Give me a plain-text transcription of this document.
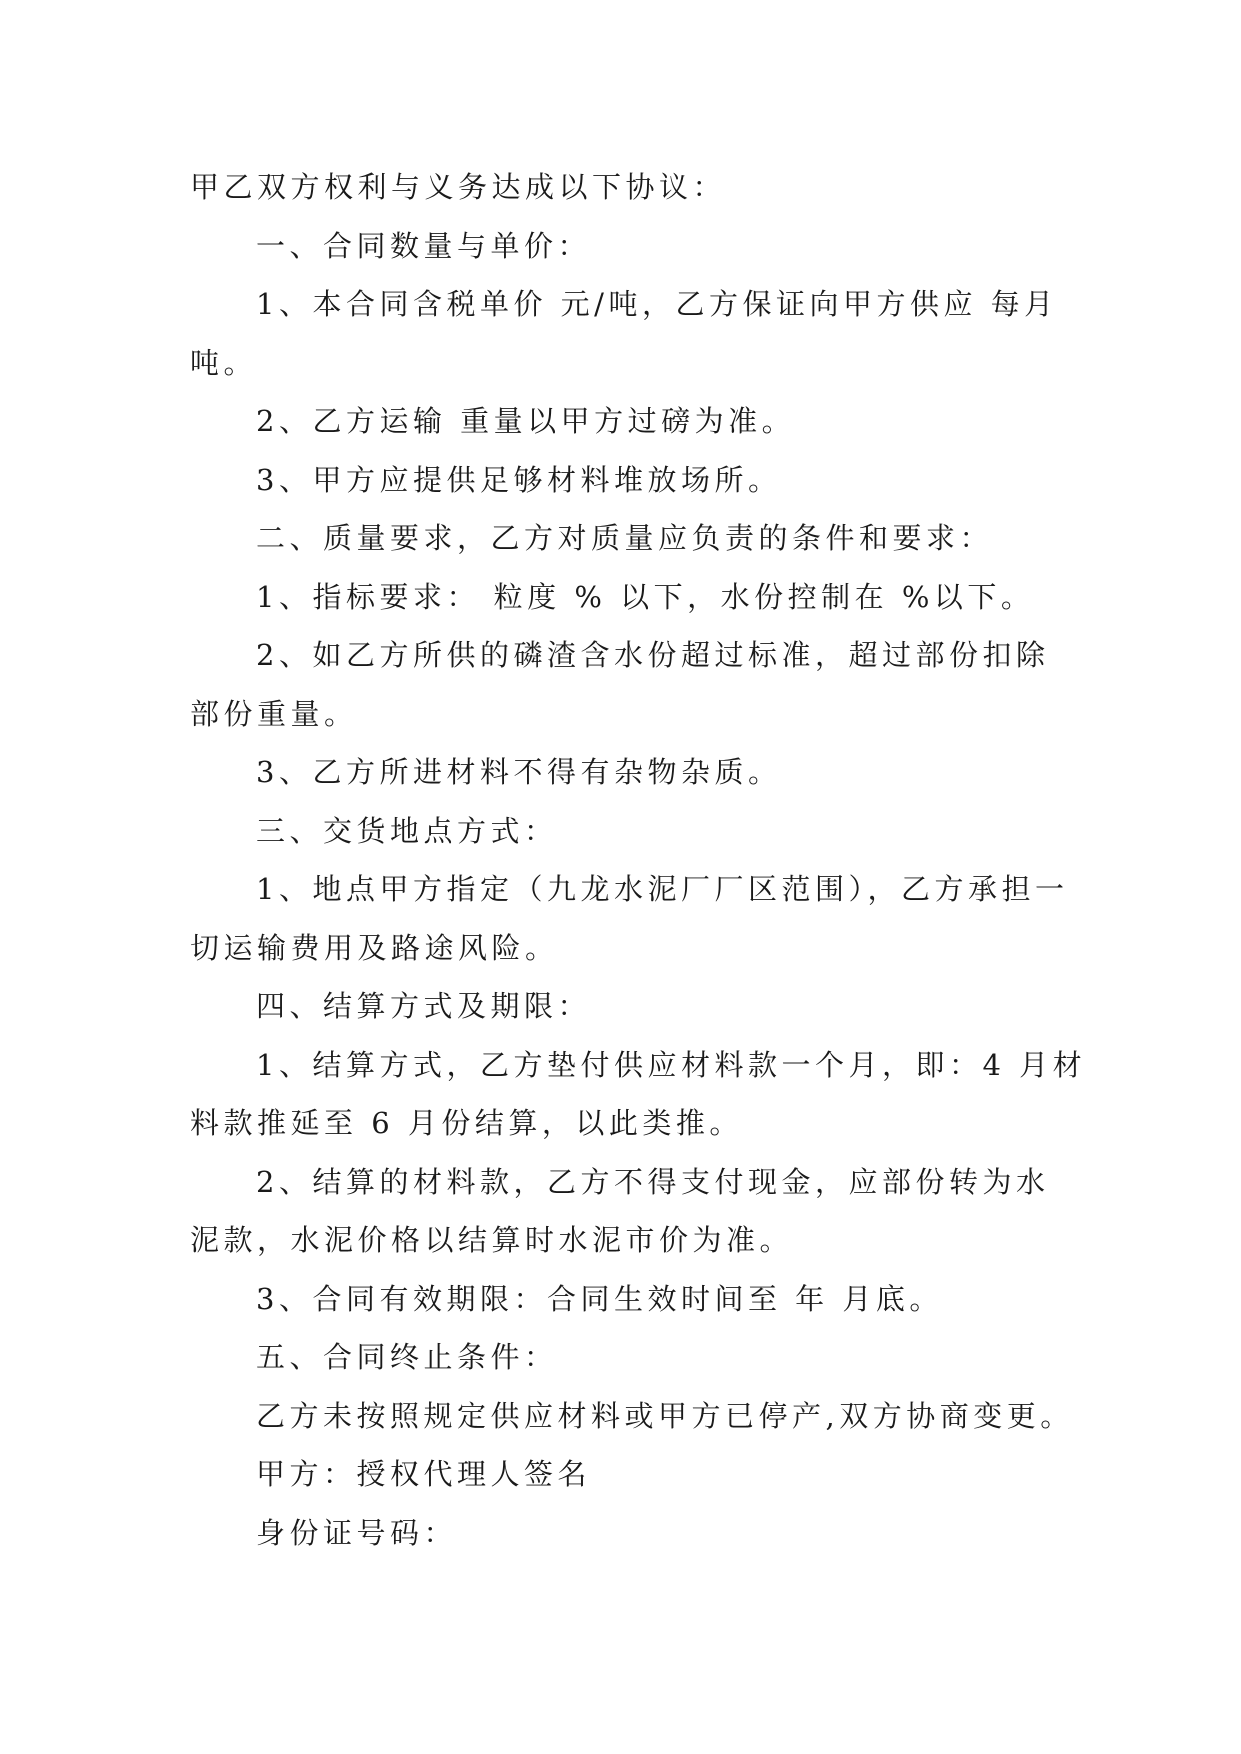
甲乙双方权利与义务达成以下协议：

一、合同数量与单价：

1、本合同含税单价 元/吨，乙方保证向甲方供应 每月

吨。

2、乙方运输 重量以甲方过磅为准。

3、甲方应提供足够材料堆放场所。

二、质量要求，乙方对质量应负责的条件和要求：

1、指标要求： 粒度 % 以下，水份控制在 %以下。

2、如乙方所供的磷渣含水份超过标准，超过部份扣除

部份重量。

3、乙方所进材料不得有杂物杂质。

三、交货地点方式：

1、地点甲方指定（九龙水泥厂厂区范围），乙方承担一

切运输费用及路途风险。

四、结算方式及期限：

1、结算方式，乙方垫付供应材料款一个月，即：4 月材

料款推延至 6 月份结算，以此类推。

2、结算的材料款，乙方不得支付现金，应部份转为水

泥款，水泥价格以结算时水泥市价为准。

3、合同有效期限：合同生效时间至 年 月底。

五、合同终止条件：

乙方未按照规定供应材料或甲方已停产,双方协商变更。

甲方：授权代理人签名

身份证号码：
